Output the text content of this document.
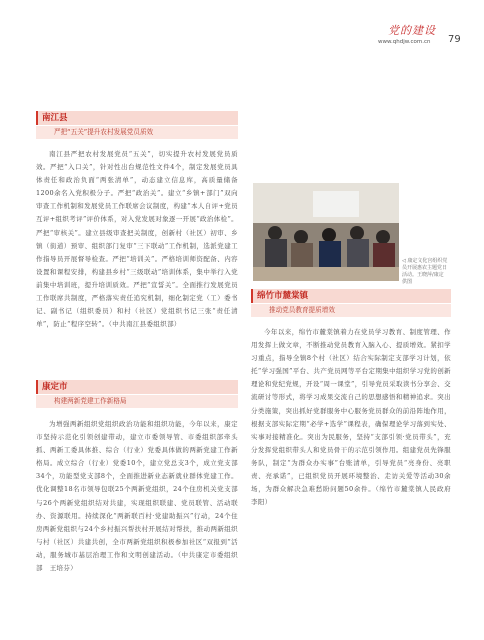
党的建设
www.qhdjw.com.cn 79
南江县
严把“五关”提升农村发展党员质效

南江县严把农村发展党员“五关”，切实提升农村发展党员质效。严把“入口关”，针对性出台规范性文件4个，制定发展党员具体责任和政治负面“两张清单”，动态建立信息库，高质量储备1200余名入党积极分子。严把“政治关”。建立“乡镇+部门”双向审查工作机制和发展党员工作联席会议制度，构建“本人自评+党员互评+组织考评”评价体系，对入党发展对象逐一开展“政治体检”。严把“审核关”。建立县级审查把关制度，创新村（社区）初审、乡镇（街道）预审、组织部门复审“三下联动”工作机制，选派党建工作指导员开展督导检查。严把“培训关”。严格培训师资配备、内容设置和课程安排，构建县乡村“三级联动”培训体系，集中举行入党前集中培训班，提升培训质效。严把“宣誓关”。全面推行发展党员工作联席共制度，严格落实责任追究机制，细化制定党（工）委书记、副书记（组织委员）和村（社区）党组织书记三张“责任清单”，防止“程序空转”。（中共南江县委组织部）

康定市
构建两新党建工作新格局

为增强两新组织党组织政治功能和组织功能，今年以来，康定市坚持示范化引领创建带动，建立市委领导管、市委组织部牵头抓、两新工委具体推、综合（行业）党委具体做的两新党建工作新格局。成立综合（行业）党委10个，建立党总支3个，成立党支部34个，功能型党支部8个，全面推进新业态新就业群体党建工作。优化调整18名市领导包联25个两新党组织，24个住房机关党支部与26个两新党组织结对共建，实现组织联建、党员联管、活动联办、资源联用。持续深化“两新联百村·党建助振兴”行动，24个住房两新党组织与24个乡村振兴帮扶村开展结对帮扶，推动两新组织与村（社区）共建共创，全市两新党组织积极参加社区“双报到”活动，服务城市基层治理工作和文明创建活动。（中共康定市委组织部　王培芬）

◁ 康定文化宫组织党员开展惠农主题党日活动。王晓萍/康定供图
绵竹市麓棠镇
推动党员教育提质增效

今年以来，绵竹市麓棠镇着力在党员学习教育、制度管理、作用发挥上做文章，不断推动党员教育入脑入心、提质增效。紧扣学习重点，指导全镇8个村（社区）结合实际制定支部学习计划，依托“学习强国”平台、共产党员网等平台定期集中组织学习党的创新理论和党纪党规，开设“周一课堂”，引导党员采取读书分享会、交流研讨等形式，将学习成果交流自己的思想感悟和精神追求。突出分类施策，突出抓好党群服务中心服务党员群众的前沿阵地作用，根据支部实际定期“必学+选学”课程表，确保理论学习落到实处、实事对接精准化。突出为民服务，坚持“支部引领·党员带头”，充分发挥党组织带头人和党员骨干的示范引领作用。组建党员先锋服务队，制定“为群众办实事”台账清单，引导党员“亮身份、亮职责、亮承诺”，已组织党员开展环境整治、走访关爱等活动30余场，为群众解决急难愁盼问题50余件。（绵竹市麓棠镇人民政府　李阳）
